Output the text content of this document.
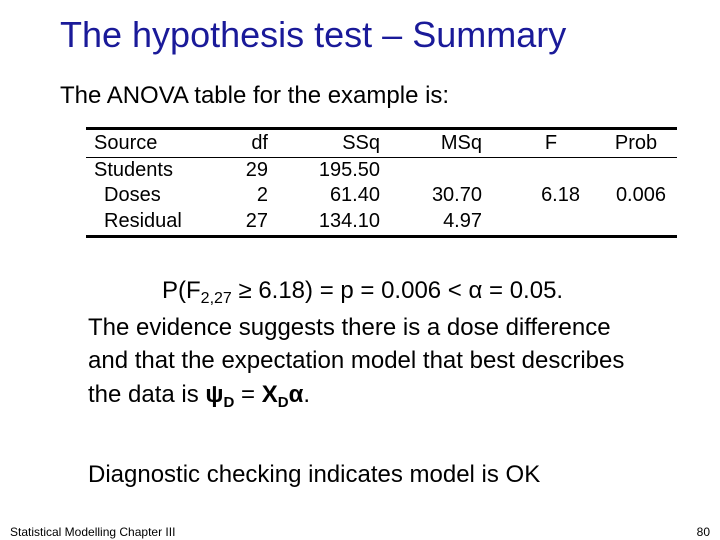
The hypothesis test – Summary
The ANOVA table for the example is:
Source	df	SSq	MSq	F	Prob
Students	29	195.50
Doses	2	61.40	30.70	6.18	0.006
Residual	27	134.10	4.97
$P(F_{2,27} \ge 6.18) = p = 0.006 < \alpha = 0.05$.
The evidence suggests there is a dose difference
and that the expectation model that best describes
the data is $\psi_D = X_D\alpha$.
Diagnostic checking indicates model is OK
Statistical Modelling Chapter III	80
